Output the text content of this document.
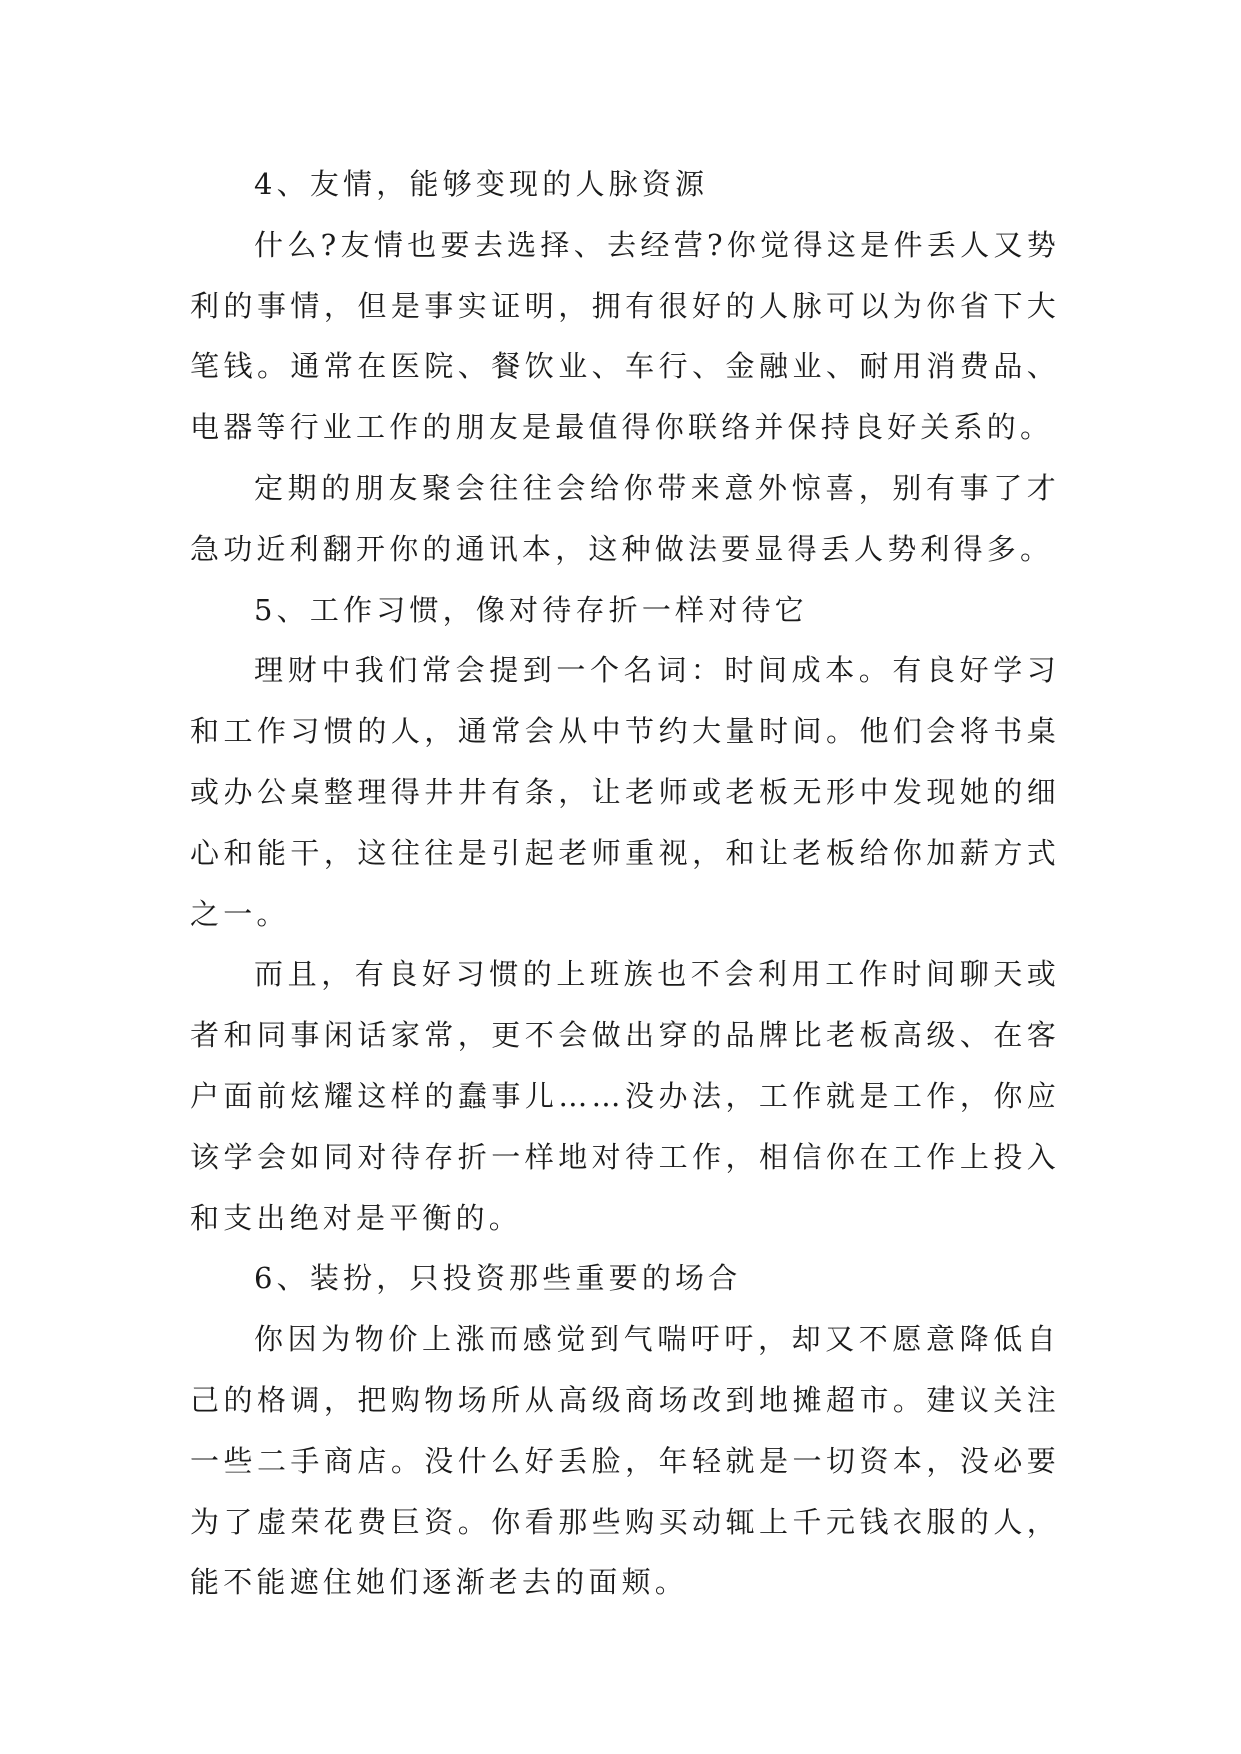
4、友情，能够变现的人脉资源

什么?友情也要去选择、去经营?你觉得这是件丢人又势利的事情，但是事实证明，拥有很好的人脉可以为你省下大笔钱。通常在医院、餐饮业、车行、金融业、耐用消费品、电器等行业工作的朋友是最值得你联络并保持良好关系的。

定期的朋友聚会往往会给你带来意外惊喜，别有事了才急功近利翻开你的通讯本，这种做法要显得丢人势利得多。

5、工作习惯，像对待存折一样对待它

理财中我们常会提到一个名词：时间成本。有良好学习和工作习惯的人，通常会从中节约大量时间。他们会将书桌或办公桌整理得井井有条，让老师或老板无形中发现她的细心和能干，这往往是引起老师重视，和让老板给你加薪方式之一。

而且，有良好习惯的上班族也不会利用工作时间聊天或者和同事闲话家常，更不会做出穿的品牌比老板高级、在客户面前炫耀这样的蠢事儿……没办法，工作就是工作，你应该学会如同对待存折一样地对待工作，相信你在工作上投入和支出绝对是平衡的。

6、装扮，只投资那些重要的场合

你因为物价上涨而感觉到气喘吁吁，却又不愿意降低自己的格调，把购物场所从高级商场改到地摊超市。建议关注一些二手商店。没什么好丢脸，年轻就是一切资本，没必要为了虚荣花费巨资。你看那些购买动辄上千元钱衣服的人，能不能遮住她们逐渐老去的面颊。
